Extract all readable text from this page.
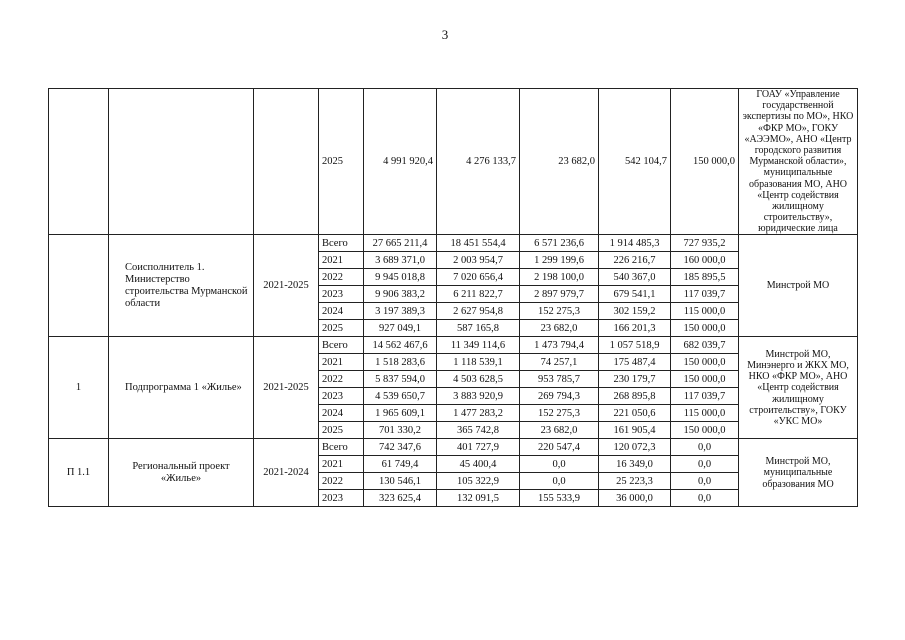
3
			2025	4 991 920,4	4 276 133,7	23 682,0	542 104,7	150 000,0	ГОАУ «Управление государственной экспертизы по МО», НКО «ФКР МО», ГОКУ «АЭЭМО», АНО «Центр городского развития Мурманской области», муниципальные образования МО, АНО «Центр содействия жилищному строительству», юридические лица
	Соисполнитель 1. Министерство строительства Мурманской области	2021-2025	Всего	27 665 211,4	18 451 554,4	6 571 236,6	1 914 485,3	727 935,2	Минстрой МО
			2021	3 689 371,0	2 003 954,7	1 299 199,6	226 216,7	160 000,0	
			2022	9 945 018,8	7 020 656,4	2 198 100,0	540 367,0	185 895,5	
			2023	9 906 383,2	6 211 822,7	2 897 979,7	679 541,1	117 039,7	
			2024	3 197 389,3	2 627 954,8	152 275,3	302 159,2	115 000,0	
			2025	927 049,1	587 165,8	23 682,0	166 201,3	150 000,0	
1	Подпрограмма 1 «Жилье»	2021-2025	Всего	14 562 467,6	11 349 114,6	1 473 794,4	1 057 518,9	682 039,7	Минстрой МО, Минэнерго и ЖКХ МО, НКО «ФКР МО», АНО «Центр содействия жилищному строительству», ГОКУ «УКС МО»
			2021	1 518 283,6	1 118 539,1	74 257,1	175 487,4	150 000,0	
			2022	5 837 594,0	4 503 628,5	953 785,7	230 179,7	150 000,0	
			2023	4 539 650,7	3 883 920,9	269 794,3	268 895,8	117 039,7	
			2024	1 965 609,1	1 477 283,2	152 275,3	221 050,6	115 000,0	
			2025	701 330,2	365 742,8	23 682,0	161 905,4	150 000,0	
П 1.1	Региональный проект «Жилье»	2021-2024	Всего	742 347,6	401 727,9	220 547,4	120 072,3	0,0	Минстрой МО, муниципальные образования МО
			2021	61 749,4	45 400,4	0,0	16 349,0	0,0	
			2022	130 546,1	105 322,9	0,0	25 223,3	0,0	
			2023	323 625,4	132 091,5	155 533,9	36 000,0	0,0	
